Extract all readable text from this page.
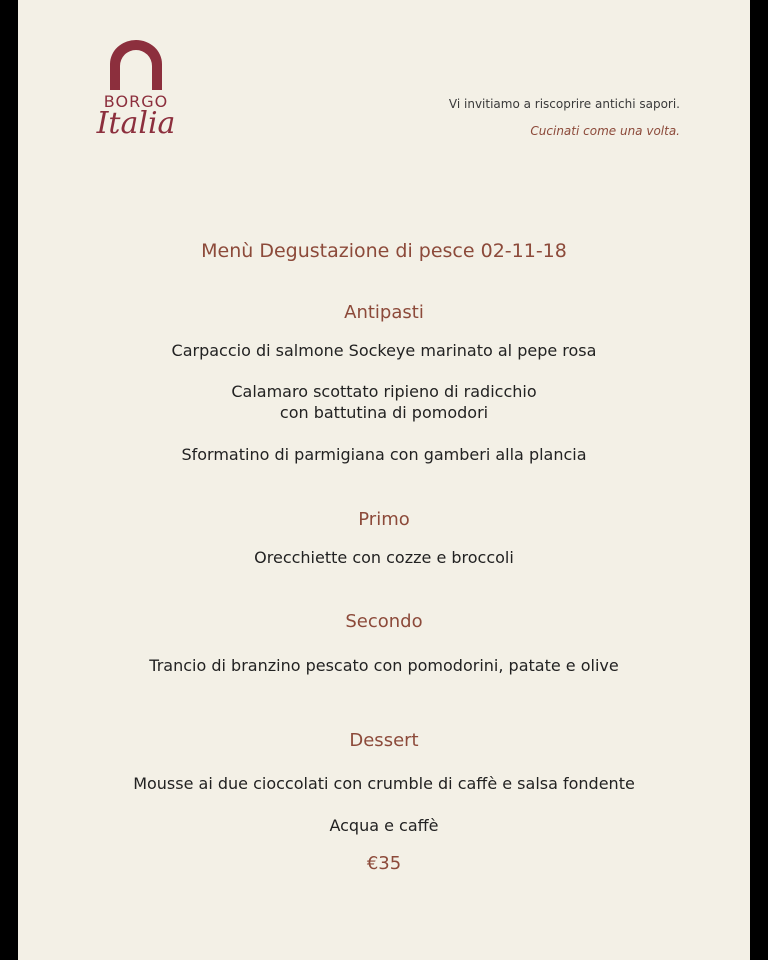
BORGO
Italia
Vi invitiamo a riscoprire antichi sapori.
Cucinati come una volta.
Menù Degustazione di pesce 02-11-18
Antipasti
Carpaccio di salmone Sockeye marinato al pepe rosa
Calamaro scottato ripieno di radicchio
con battutina di pomodori
Sformatino di parmigiana con gamberi alla plancia
Primo
Orecchiette con cozze e broccoli
Secondo
Trancio di branzino pescato con pomodorini, patate e olive
Dessert
Mousse ai due cioccolati con crumble di caffè e salsa fondente
Acqua e caffè
€35
